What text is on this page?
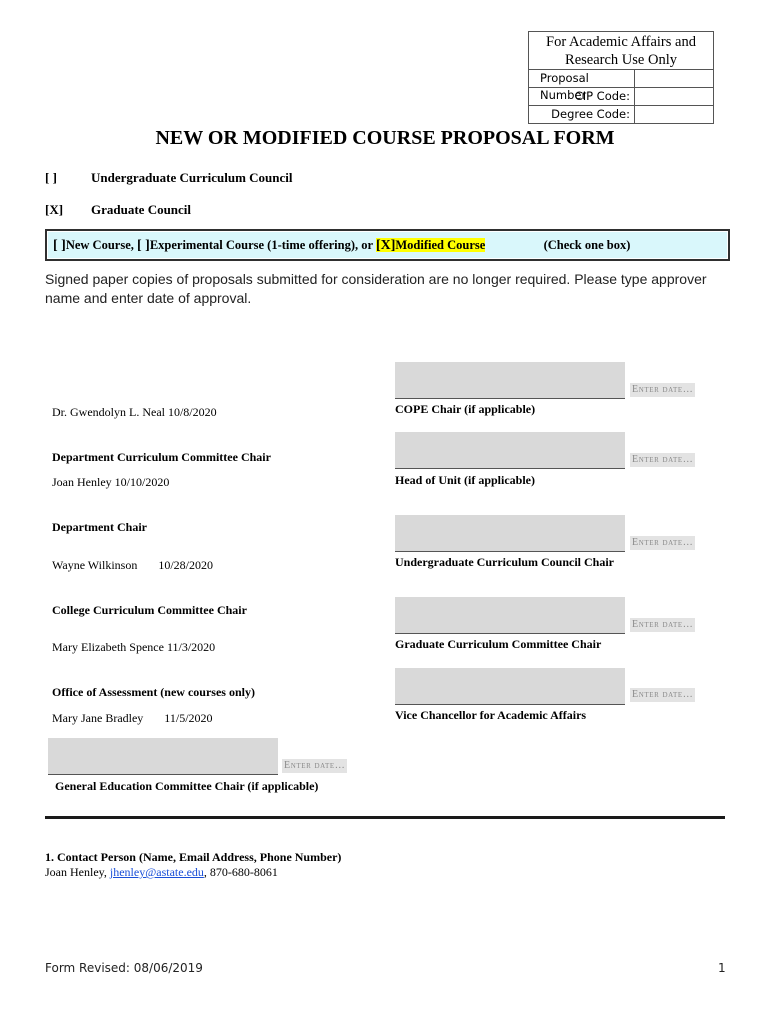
For Academic Affairs and Research Use Only
Proposal Number
CIP Code:
Degree Code:
NEW OR MODIFIED COURSE PROPOSAL FORM
[ ]	Undergraduate Curriculum Council
[X]	Graduate Council
[ ]New Course, [ ]Experimental Course (1-time offering), or [X]Modified Course	(Check one box)
Signed paper copies of proposals submitted for consideration are no longer required. Please type approver name and enter date of approval.

Dr. Gwendolyn L. Neal 10/8/2020

Department Curriculum Committee Chair

Joan Henley 10/10/2020

Department Chair

Wayne Wilkinson       10/28/2020

College Curriculum Committee Chair

Mary Elizabeth Spence 11/3/2020

Office of Assessment (new courses only)

Mary Jane Bradley       11/5/2020

Enter date…
COPE Chair (if applicable)
Enter date…
Head of Unit (if applicable)
Enter date…
Undergraduate Curriculum Council Chair
Enter date…
Graduate Curriculum Committee Chair
Enter date…
Vice Chancellor for Academic Affairs
Enter date…
General Education Committee Chair (if applicable)
1. Contact Person (Name, Email Address, Phone Number)
Joan Henley, jhenley@astate.edu, 870-680-8061
Form Revised: 08/06/2019	1
